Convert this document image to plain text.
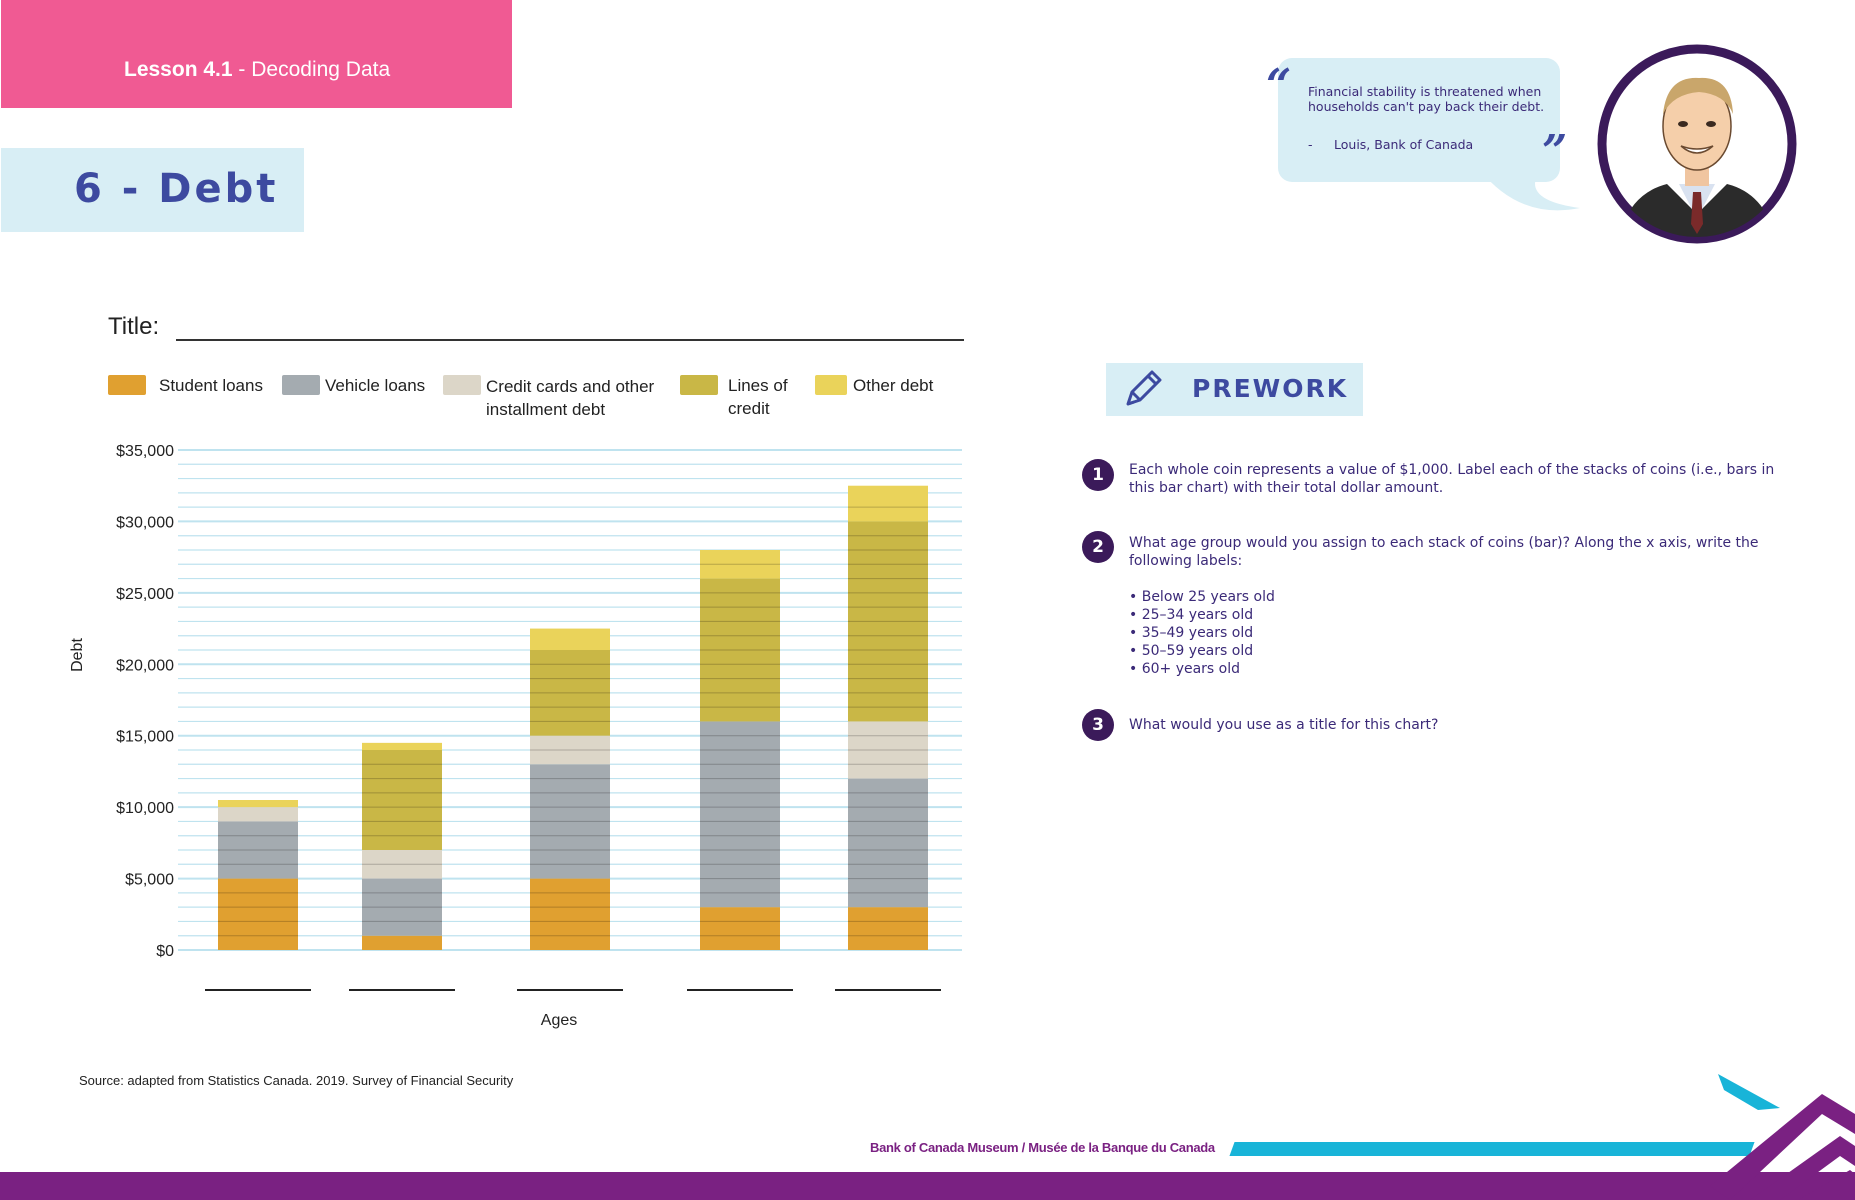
Lesson 4.1 - Decoding Data
6 - Debt
“
”
Financial stability is threatened when households can't pay back their debt.
- Louis, Bank of Canada
Title:
Student loans	Vehicle loans	Credit cards and other installment debt
Lines of credit
Other debt
Debt
Ages
$0
$5,000
$10,000
$15,000
$20,000
$25,000
$30,000
$35,000
PREWORK
1	Each whole coin represents a value of $1,000. Label each of the stacks of coins (i.e., bars in this bar chart) with their total dollar amount.
2	What age group would you assign to each stack of coins (bar)? Along the x axis, write the following labels:
• Below 25 years old
• 25–34 years old
• 35–49 years old
• 50–59 years old
• 60+ years old
3	What would you use as a title for this chart?
Source: adapted from Statistics Canada. 2019. Survey of Financial Security
Bank of Canada Museum / Musée de la Banque du Canada
